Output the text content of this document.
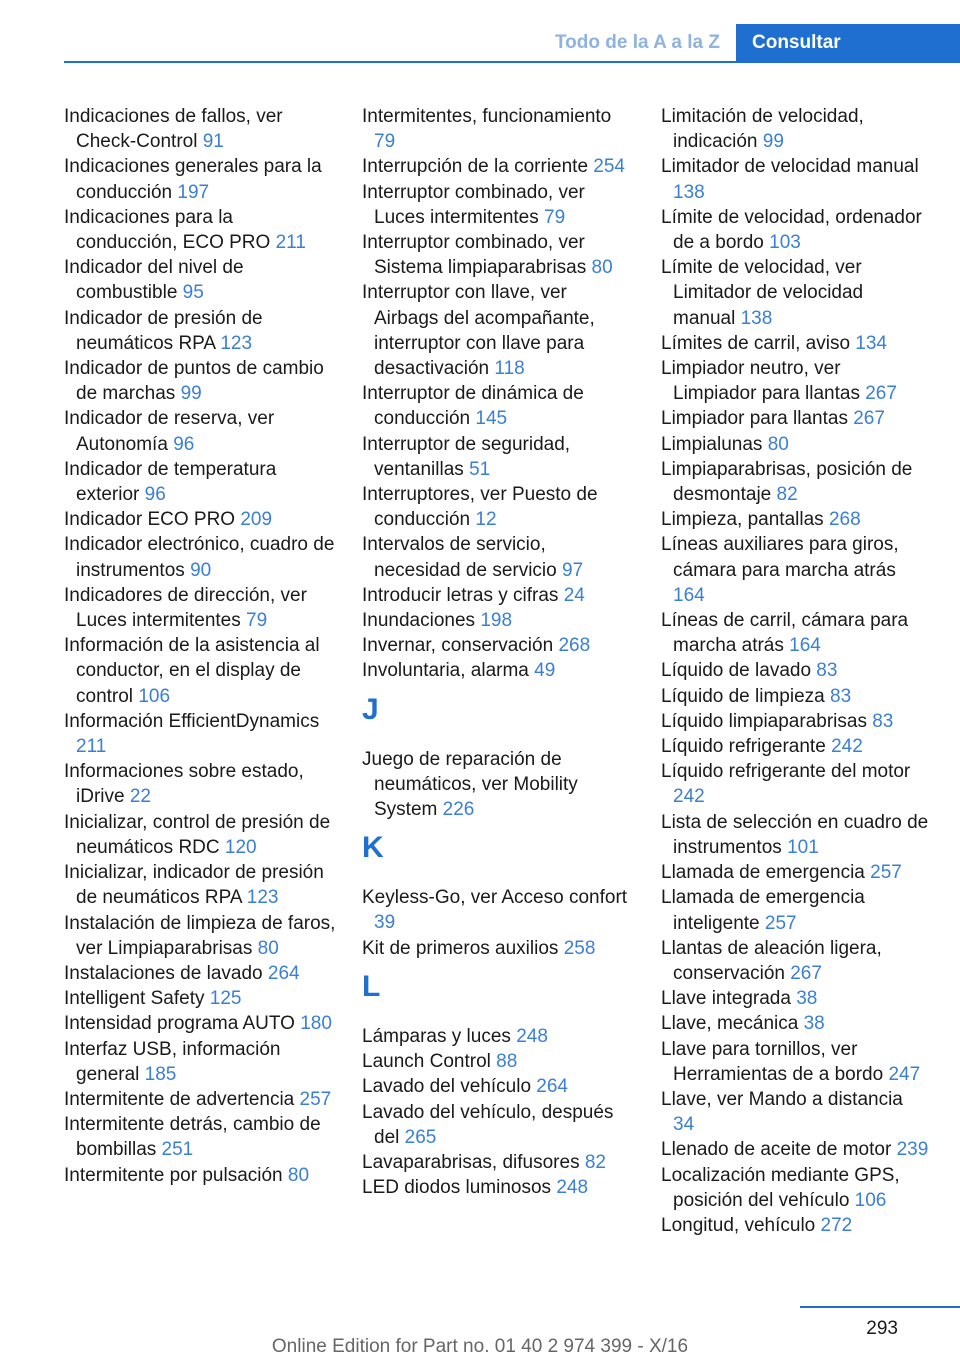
Todo de la A a la Z	Consultar
Indicaciones de fallos, ver Check-Control 91
Indicaciones generales para la conducción 197
Indicaciones para la conducción, ECO PRO 211
Indicador del nivel de combustible 95
Indicador de presión de neumáticos RPA 123
Indicador de puntos de cambio de marchas 99
Indicador de reserva, ver Autonomía 96
Indicador de temperatura exterior 96
Indicador ECO PRO 209
Indicador electrónico, cuadro de instrumentos 90
Indicadores de dirección, ver Luces intermitentes 79
Información de la asistencia al conductor, en el display de control 106
Información EfficientDynamics 211
Informaciones sobre estado, iDrive 22
Inicializar, control de presión de neumáticos RDC 120
Inicializar, indicador de presión de neumáticos RPA 123
Instalación de limpieza de faros, ver Limpiaparabrisas 80
Instalaciones de lavado 264
Intelligent Safety 125
Intensidad programa AUTO 180
Interfaz USB, información general 185
Intermitente de advertencia 257
Intermitente detrás, cambio de bombillas 251
Intermitente por pulsación 80
Intermitentes, funcionamiento 79
Interrupción de la corriente 254
Interruptor combinado, ver Luces intermitentes 79
Interruptor combinado, ver Sistema limpiaparabrisas 80
Interruptor con llave, ver Airbags del acompañante, interruptor con llave para desactivación 118
Interruptor de dinámica de conducción 145
Interruptor de seguridad, ventanillas 51
Interruptores, ver Puesto de conducción 12
Intervalos de servicio, necesidad de servicio 97
Introducir letras y cifras 24
Inundaciones 198
Invernar, conservación 268
Involuntaria, alarma 49
J
Juego de reparación de neumáticos, ver Mobility System 226
K
Keyless-Go, ver Acceso confort 39
Kit de primeros auxilios 258
L
Lámparas y luces 248
Launch Control 88
Lavado del vehículo 264
Lavado del vehículo, después del 265
Lavaparabrisas, difusores 82
LED diodos luminosos 248
Limitación de velocidad, indicación 99
Limitador de velocidad manual 138
Límite de velocidad, ordenador de a bordo 103
Límite de velocidad, ver Limitador de velocidad manual 138
Límites de carril, aviso 134
Limpiador neutro, ver Limpiador para llantas 267
Limpiador para llantas 267
Limpialunas 80
Limpiaparabrisas, posición de desmontaje 82
Limpieza, pantallas 268
Líneas auxiliares para giros, cámara para marcha atrás 164
Líneas de carril, cámara para marcha atrás 164
Líquido de lavado 83
Líquido de limpieza 83
Líquido limpiaparabrisas 83
Líquido refrigerante 242
Líquido refrigerante del motor 242
Lista de selección en cuadro de instrumentos 101
Llamada de emergencia 257
Llamada de emergencia inteligente 257
Llantas de aleación ligera, conservación 267
Llave integrada 38
Llave, mecánica 38
Llave para tornillos, ver Herramientas de a bordo 247
Llave, ver Mando a distancia 34
Llenado de aceite de motor 239
Localización mediante GPS, posición del vehículo 106
Longitud, vehículo 272
293
Online Edition for Part no. 01 40 2 974 399 - X/16
